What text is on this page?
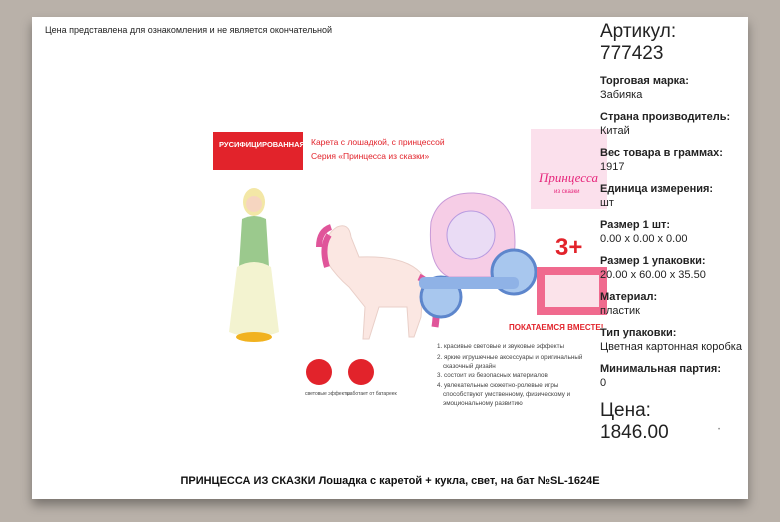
Цена представлена для ознакомления и не является окончательной
РУСИФИЦИРОВАННАЯ УПАКОВКА
Карета с лошадкой, с принцессой
Серия «Принцесса из сказки»
Принцесса
из сказки
3+
ПОКАТАЕМСЯ ВМЕСТЕ!
1. красивые световые и звуковые эффекты
2. яркие игрушечные аксессуары и оригинальный
сказочный дизайн
3. состоит из безопасных материалов
4. увлекательные сюжетно-ролевые игры
способствуют умственному, физическому и
эмоциональному развитию
световые эффекты
работает от батареек
Артикул:
777423
Торговая марка:
Забияка
Страна производитель:
Китай
Вес товара в граммах:
1917
Единица измерения:
шт
Размер 1 шт:
0.00 x 0.00 x 0.00
Размер 1 упаковки:
20.00 x 60.00 x 35.50
Материал:
пластик
Тип упаковки:
Цветная картонная коробка
Минимальная партия:
0
Цена:
1846.00	•
ПРИНЦЕССА ИЗ СКАЗКИ Лошадка с каретой + кукла, свет, на бат №SL-1624E
